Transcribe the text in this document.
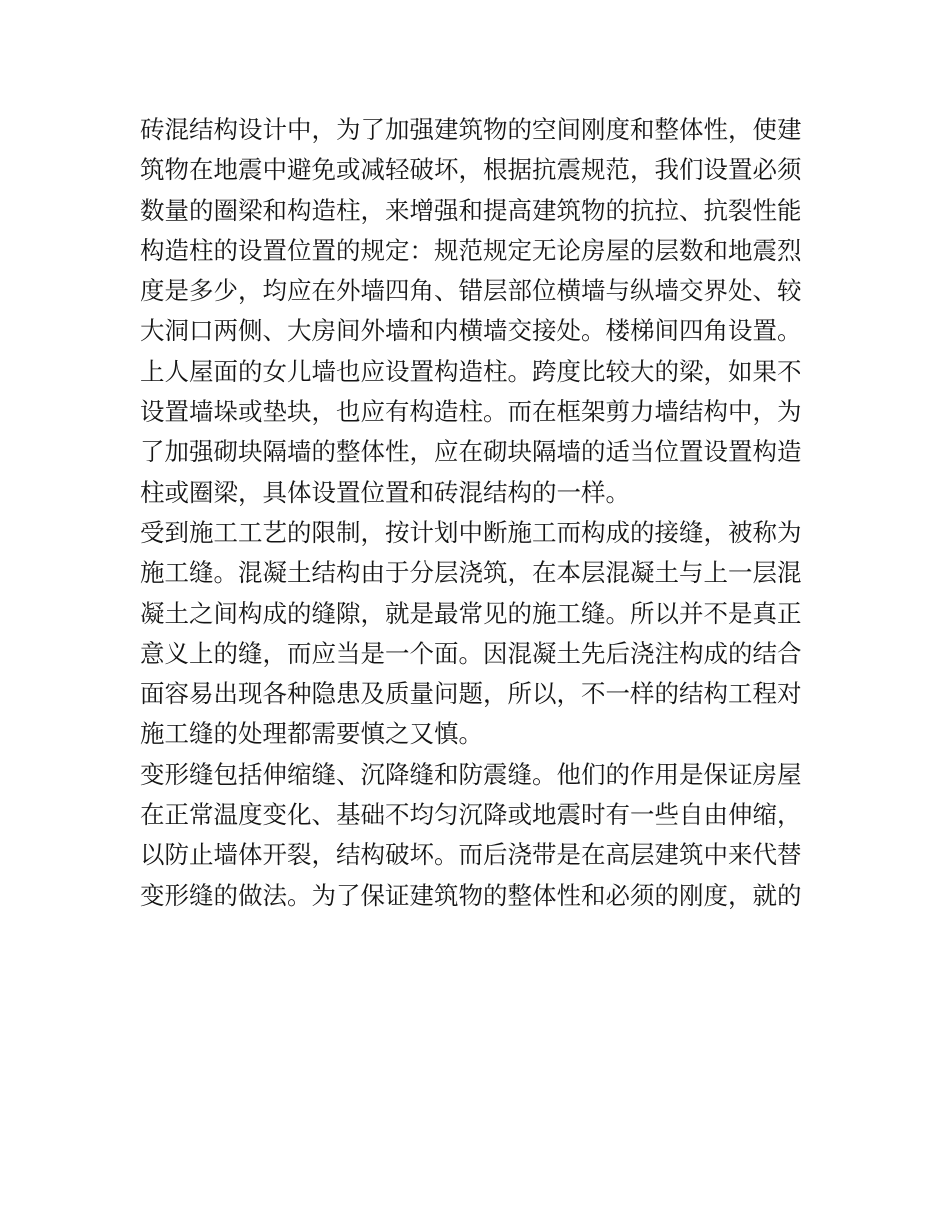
砖混结构设计中，为了加强建筑物的空间刚度和整体性，使建
筑物在地震中避免或减轻破坏，根据抗震规范，我们设置必须
数量的圈梁和构造柱，来增强和提高建筑物的抗拉、抗裂性能
构造柱的设置位置的规定：规范规定无论房屋的层数和地震烈
度是多少，均应在外墙四角、错层部位横墙与纵墙交界处、较
大洞口两侧、大房间外墙和内横墙交接处。楼梯间四角设置。
上人屋面的女儿墙也应设置构造柱。跨度比较大的梁，如果不
设置墙垛或垫块，也应有构造柱。而在框架剪力墙结构中，为
了加强砌块隔墙的整体性，应在砌块隔墙的适当位置设置构造
柱或圈梁，具体设置位置和砖混结构的一样。
受到施工工艺的限制，按计划中断施工而构成的接缝，被称为
施工缝。混凝土结构由于分层浇筑，在本层混凝土与上一层混
凝土之间构成的缝隙，就是最常见的施工缝。所以并不是真正
意义上的缝，而应当是一个面。因混凝土先后浇注构成的结合
面容易出现各种隐患及质量问题，所以，不一样的结构工程对
施工缝的处理都需要慎之又慎。
变形缝包括伸缩缝、沉降缝和防震缝。他们的作用是保证房屋
在正常温度变化、基础不均匀沉降或地震时有一些自由伸缩，
以防止墙体开裂，结构破坏。而后浇带是在高层建筑中来代替
变形缝的做法。为了保证建筑物的整体性和必须的刚度，就的
